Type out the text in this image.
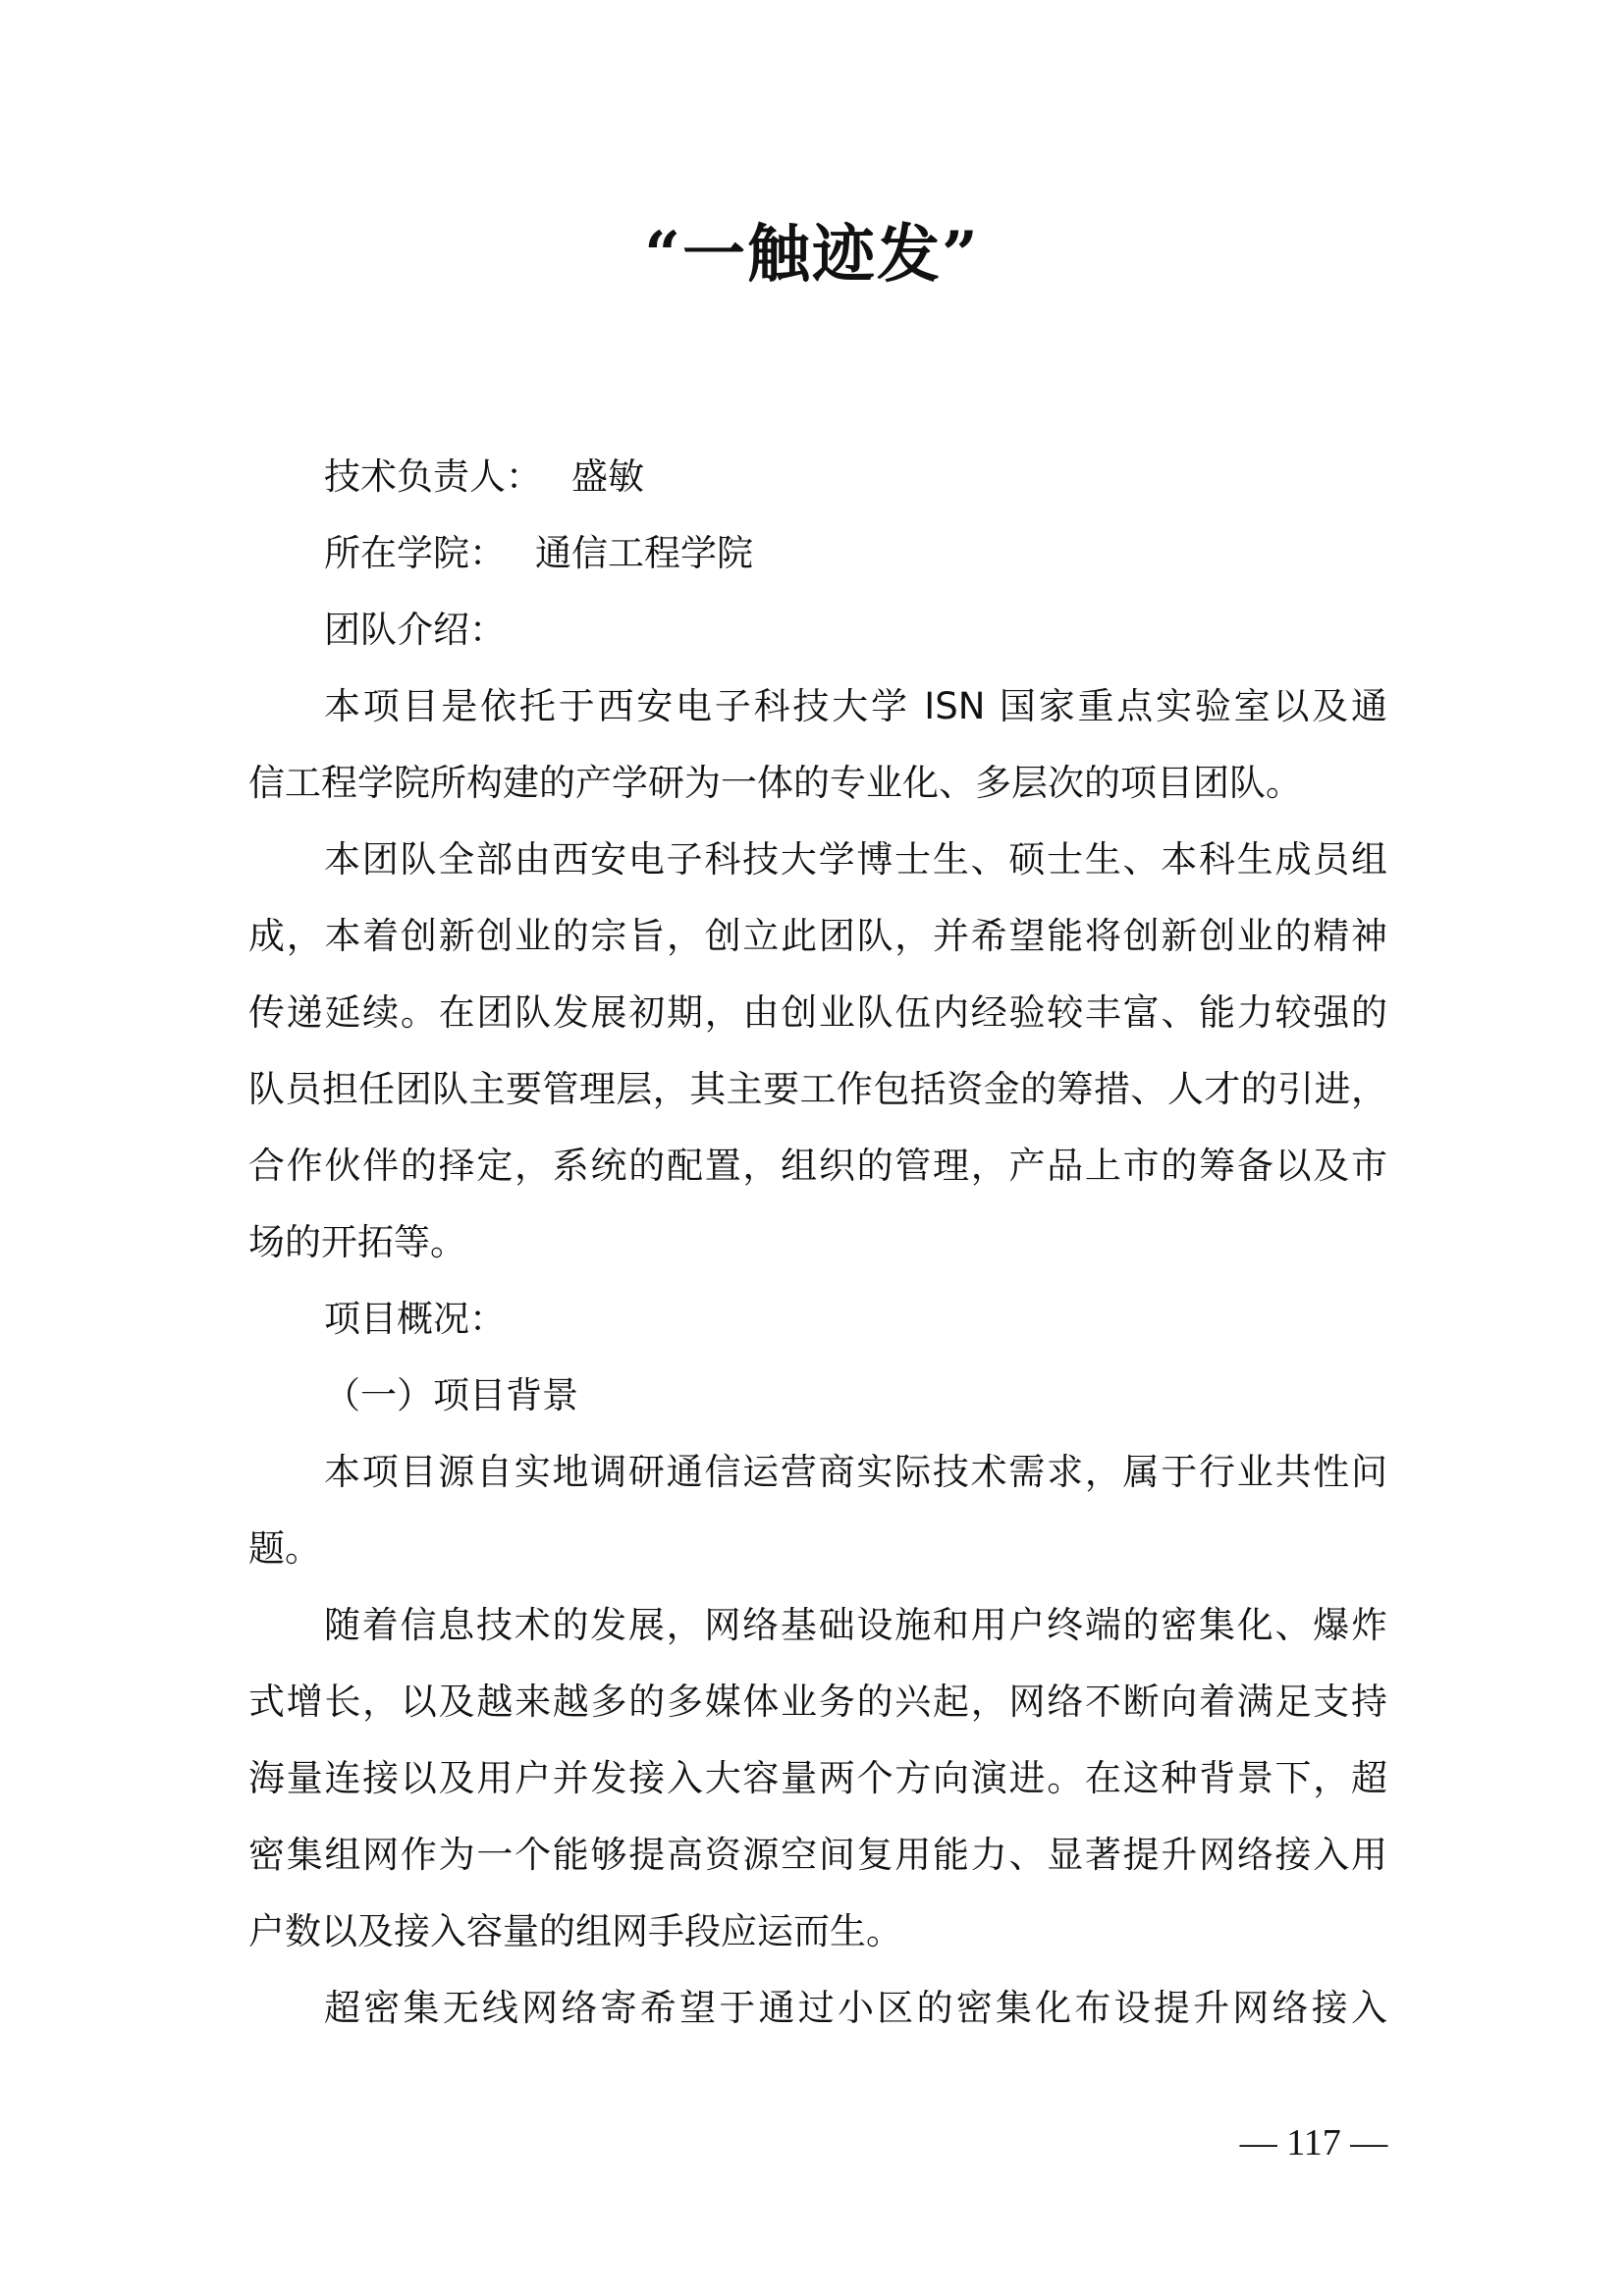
“一触迹发”
技术负责人： 盛敏
所在学院： 通信工程学院
团队介绍：
本项目是依托于西安电子科技大学 ISN 国家重点实验室以及通
信工程学院所构建的产学研为一体的专业化、多层次的项目团队。
本团队全部由西安电子科技大学博士生、硕士生、本科生成员组
成，本着创新创业的宗旨，创立此团队，并希望能将创新创业的精神
传递延续。在团队发展初期，由创业队伍内经验较丰富、能力较强的
队员担任团队主要管理层，其主要工作包括资金的筹措、人才的引进，
合作伙伴的择定，系统的配置，组织的管理，产品上市的筹备以及市
场的开拓等。
项目概况：
（一）项目背景
本项目源自实地调研通信运营商实际技术需求，属于行业共性问
题。
随着信息技术的发展，网络基础设施和用户终端的密集化、爆炸
式增长，以及越来越多的多媒体业务的兴起，网络不断向着满足支持
海量连接以及用户并发接入大容量两个方向演进。在这种背景下，超
密集组网作为一个能够提高资源空间复用能力、显著提升网络接入用
户数以及接入容量的组网手段应运而生。
超密集无线网络寄希望于通过小区的密集化布设提升网络接入
— 117 —
